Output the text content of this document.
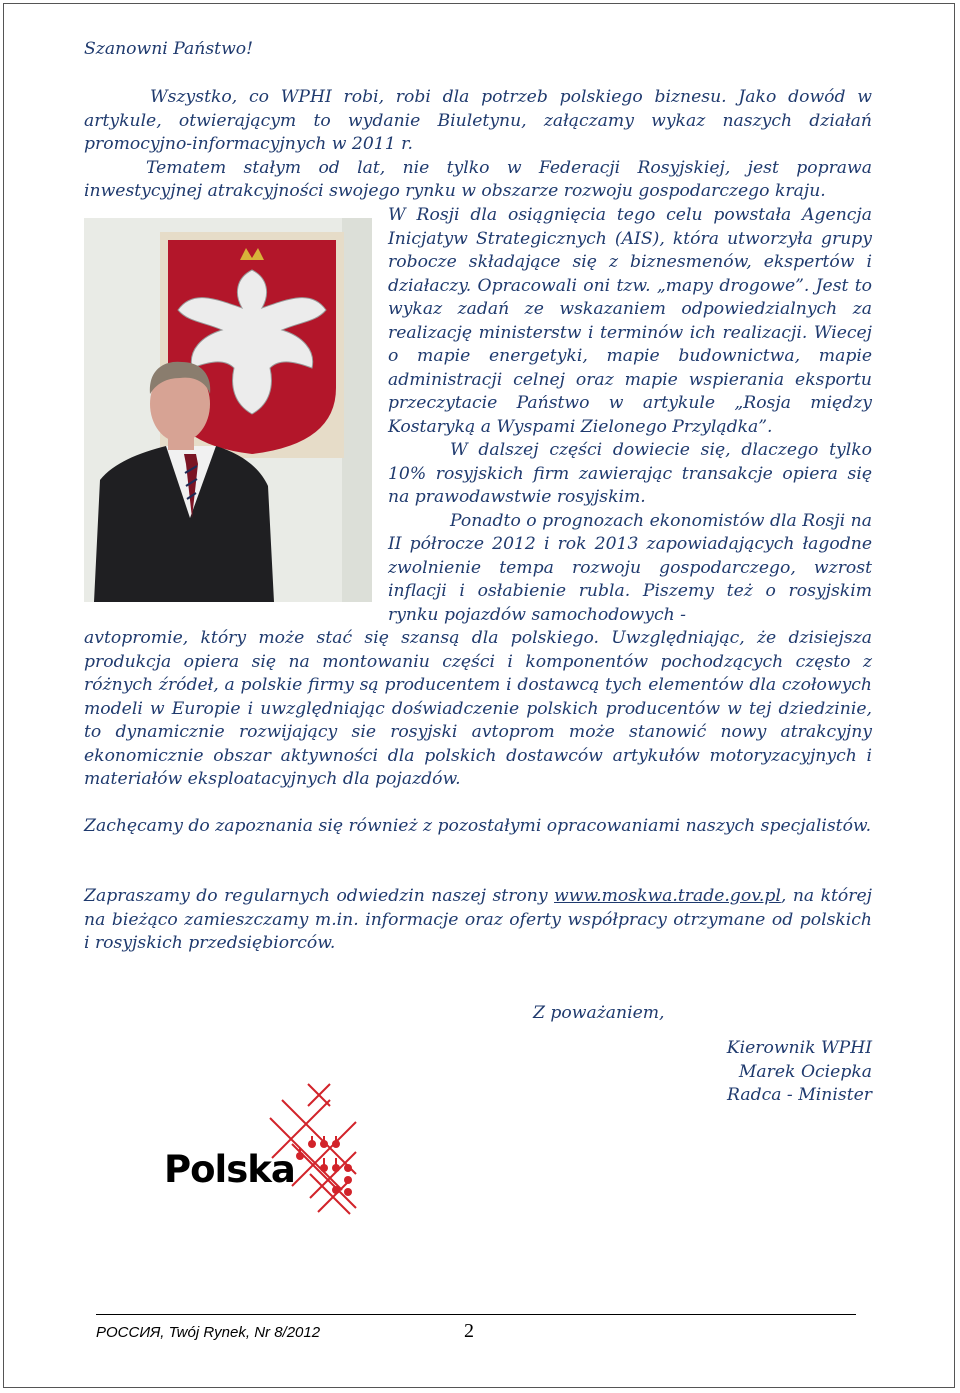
Szanowni Państwo!

Wszystko, co WPHI robi, robi dla potrzeb polskiego biznesu. Jako dowód w artykule, otwierającym to wydanie Biuletynu, załączamy wykaz naszych działań promocyjno-informacyjnych w 2011 r.

Tematem stałym od lat, nie tylko w Federacji Rosyjskiej, jest poprawa inwestycyjnej atrakcyjności swojego rynku w obszarze rozwoju gospodarczego kraju.

W Rosji dla osiągnięcia tego celu powstała Agencja Inicjatyw Strategicznych (AIS), która utworzyła grupy robocze składające się z biznesmenów, ekspertów i działaczy. Opracowali oni tzw. „mapy drogowe”. Jest to wykaz zadań ze wskazaniem odpowiedzialnych za realizację ministerstw i terminów ich realizacji. Wiecej o mapie energetyki, mapie budownictwa, mapie administracji celnej oraz mapie wspierania eksportu przeczytacie Państwo w artykule „Rosja między Kostaryką a Wyspami Zielonego Przylądka”.

W dalszej części dowiecie się, dlaczego tylko 10% rosyjskich firm zawierając transakcje opiera się na prawodawstwie rosyjskim.

Ponadto o prognozach ekonomistów dla Rosji na II półrocze 2012 i rok 2013 zapowiadających łagodne zwolnienie tempa rozwoju gospodarczego, wzrost inflacji i osłabienie rubla. Piszemy też o rosyjskim rynku pojazdów samochodowych -

avtopromie, który może stać się szansą dla polskiego. Uwzględniając, że dzisiejsza produkcja opiera się na montowaniu części i komponentów pochodzących często z różnych źródeł, a polskie firmy są producentem i dostawcą tych elementów dla czołowych modeli w Europie i uwzględniając doświadczenie polskich producentów w tej dziedzinie, to dynamicznie rozwijający sie rosyjski avtoprom może stanowić nowy atrakcyjny ekonomicznie obszar aktywności dla polskich dostawców artykułów motoryzacyjnych i materiałów eksploatacyjnych dla pojazdów.

Zachęcamy do zapoznania się również z pozostałymi opracowaniami naszych specjalistów.

Zapraszamy do regularnych odwiedzin naszej strony www.moskwa.trade.gov.pl, na której na bieżąco zamieszczamy m.in. informacje oraz oferty współpracy otrzymane od polskich i rosyjskich przedsiębiorców.

Z poważaniem,
Kierownik WPHI
Marek Ociepka
Radca - Minister
Polska
РОССИЯ, Twój Rynek, Nr 8/2012	2
